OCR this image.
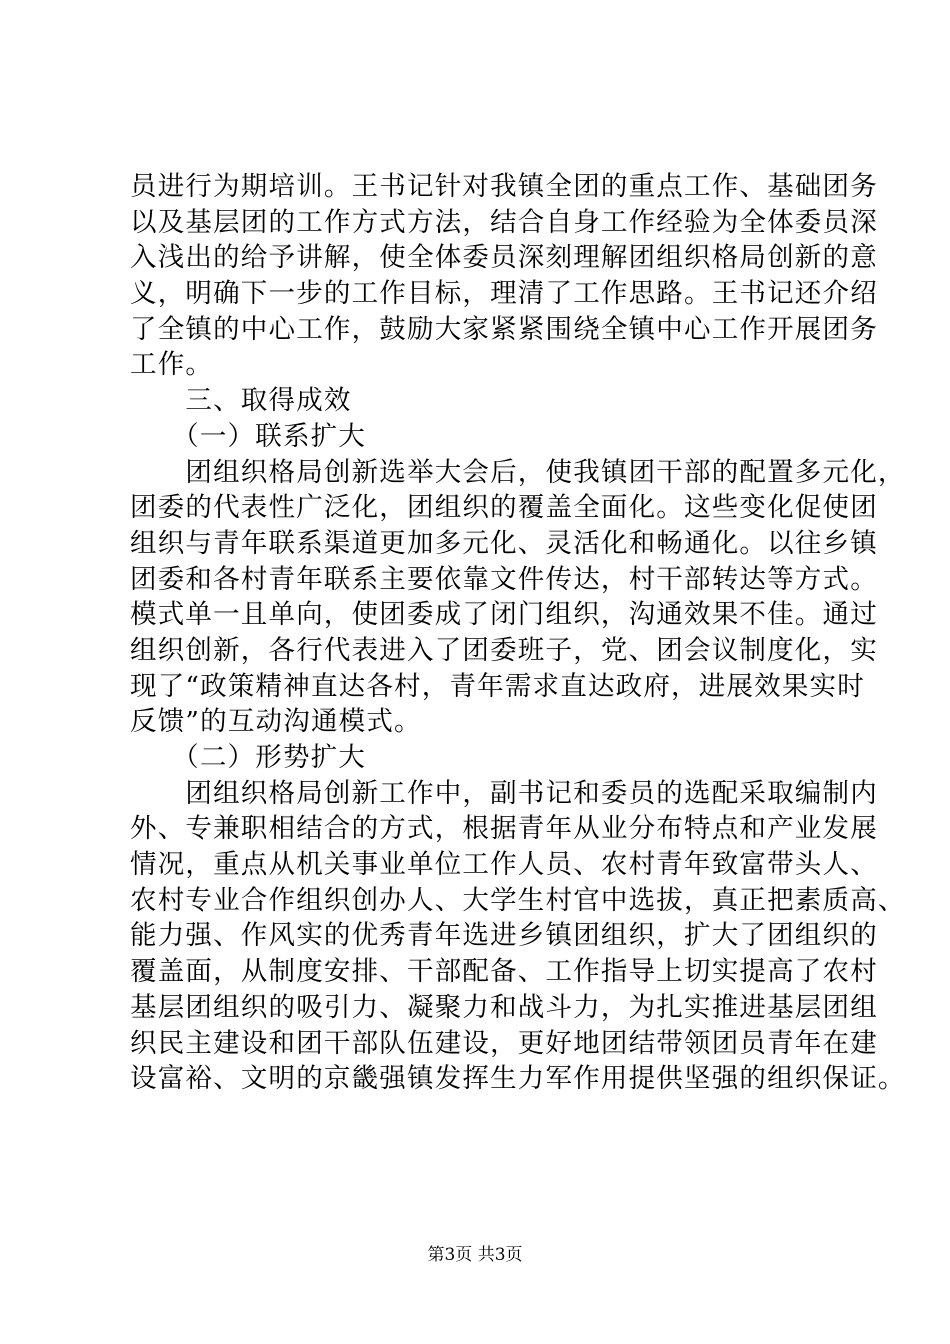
员进行为期培训。王书记针对我镇全团的重点工作、基础团务
以及基层团的工作方式方法，结合自身工作经验为全体委员深
入浅出的给予讲解，使全体委员深刻理解团组织格局创新的意
义，明确下一步的工作目标，理清了工作思路。王书记还介绍
了全镇的中心工作，鼓励大家紧紧围绕全镇中心工作开展团务
工作。
　　三、取得成效
　　（一）联系扩大
　　团组织格局创新选举大会后，使我镇团干部的配置多元化，
团委的代表性广泛化，团组织的覆盖全面化。这些变化促使团
组织与青年联系渠道更加多元化、灵活化和畅通化。以往乡镇
团委和各村青年联系主要依靠文件传达，村干部转达等方式。
模式单一且单向，使团委成了闭门组织，沟通效果不佳。通过
组织创新，各行代表进入了团委班子，党、团会议制度化，实
现了“政策精神直达各村，青年需求直达政府，进展效果实时
反馈”的互动沟通模式。
　　（二）形势扩大
　　团组织格局创新工作中，副书记和委员的选配采取编制内
外、专兼职相结合的方式，根据青年从业分布特点和产业发展
情况，重点从机关事业单位工作人员、农村青年致富带头人、
农村专业合作组织创办人、大学生村官中选拔，真正把素质高、
能力强、作风实的优秀青年选进乡镇团组织，扩大了团组织的
覆盖面，从制度安排、干部配备、工作指导上切实提高了农村
基层团组织的吸引力、凝聚力和战斗力，为扎实推进基层团组
织民主建设和团干部队伍建设，更好地团结带领团员青年在建
设富裕、文明的京畿强镇发挥生力军作用提供坚强的组织保证。
第3页 共3页
